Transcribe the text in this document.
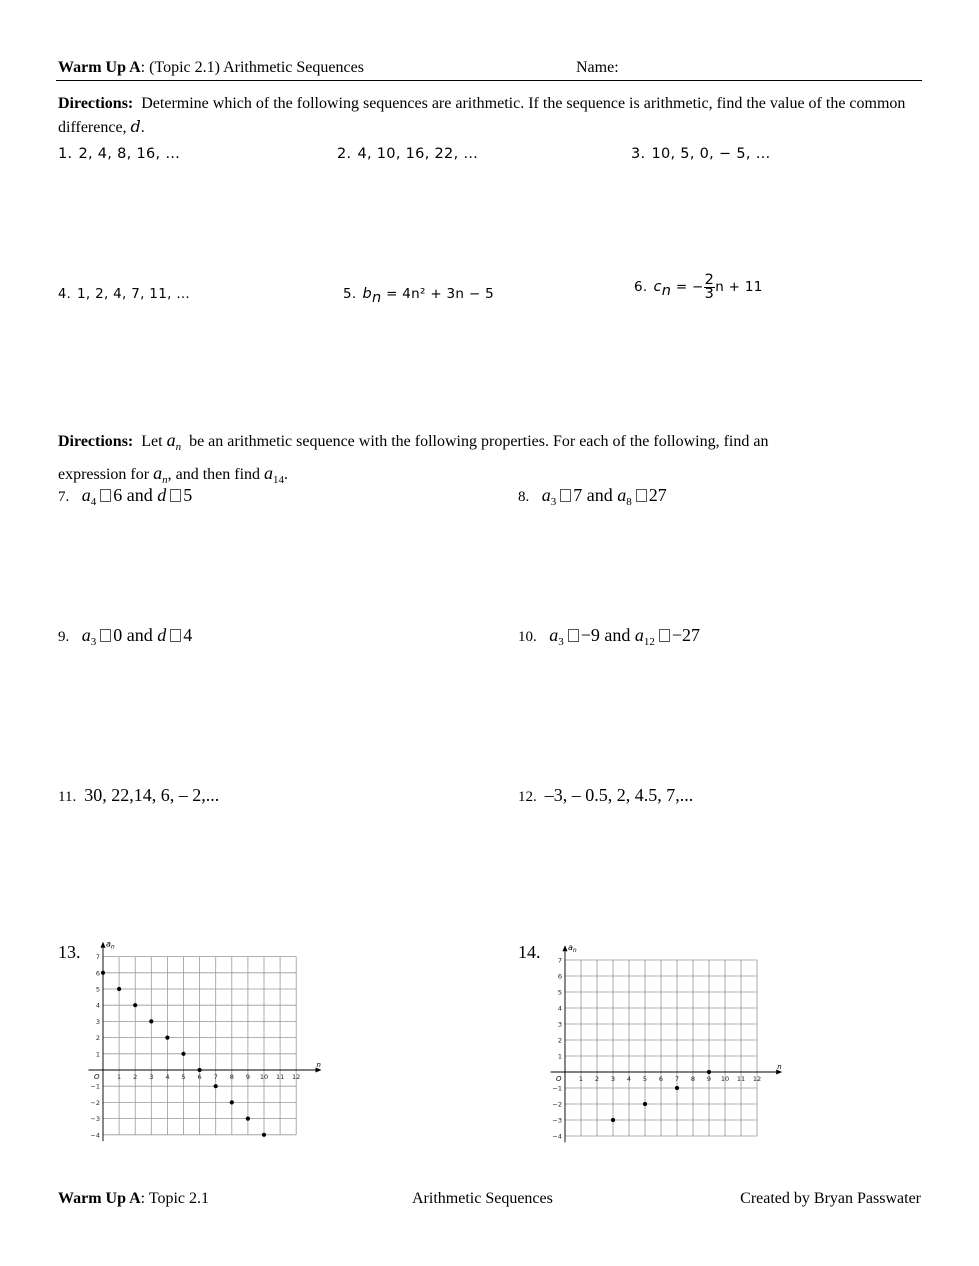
Warm Up A: (Topic 2.1) Arithmetic Sequences	Name:
Directions: Determine which of the following sequences are arithmetic. If the sequence is arithmetic, find the value of the common difference, d.
1. 2, 4, 8, 16, …	2. 4, 10, 16, 22, …	3. 10, 5, 0, − 5, …
4. 1, 2, 4, 7, 11, …	5. bn = 4n² + 3n − 5	6. cn = − $\frac{2}{3}$ n + 11
Directions: Let $a_n$ be an arithmetic sequence with the following properties. For each of the following, find an
expression for $a_n$, and then find $a_{14}$.
7. $a_4$ 6 and d 5	8. $a_3$ 7 and $a_8$ 27
9. $a_3$ 0 and d 4	10. $a_3 -9$ and $a_{12} -27$
11. 30, 22,14, 6, – 2,...	12. –3, – 0.5, 2, 4.5, 7,...
13.	14.
$a_n$
n
O	1 2 3 4 5 6 7 8 9 10 11 12
7
6
5
4
3
2
1
−1
−2
−3
−4
$a_n$
n
O	1 2 3 4 5 6 7 8 9 10 11 12
7
6
5
4
3
2
1
−1
−2
−3
−4
Warm Up A: Topic 2.1	Arithmetic Sequences	Created by Bryan Passwater
